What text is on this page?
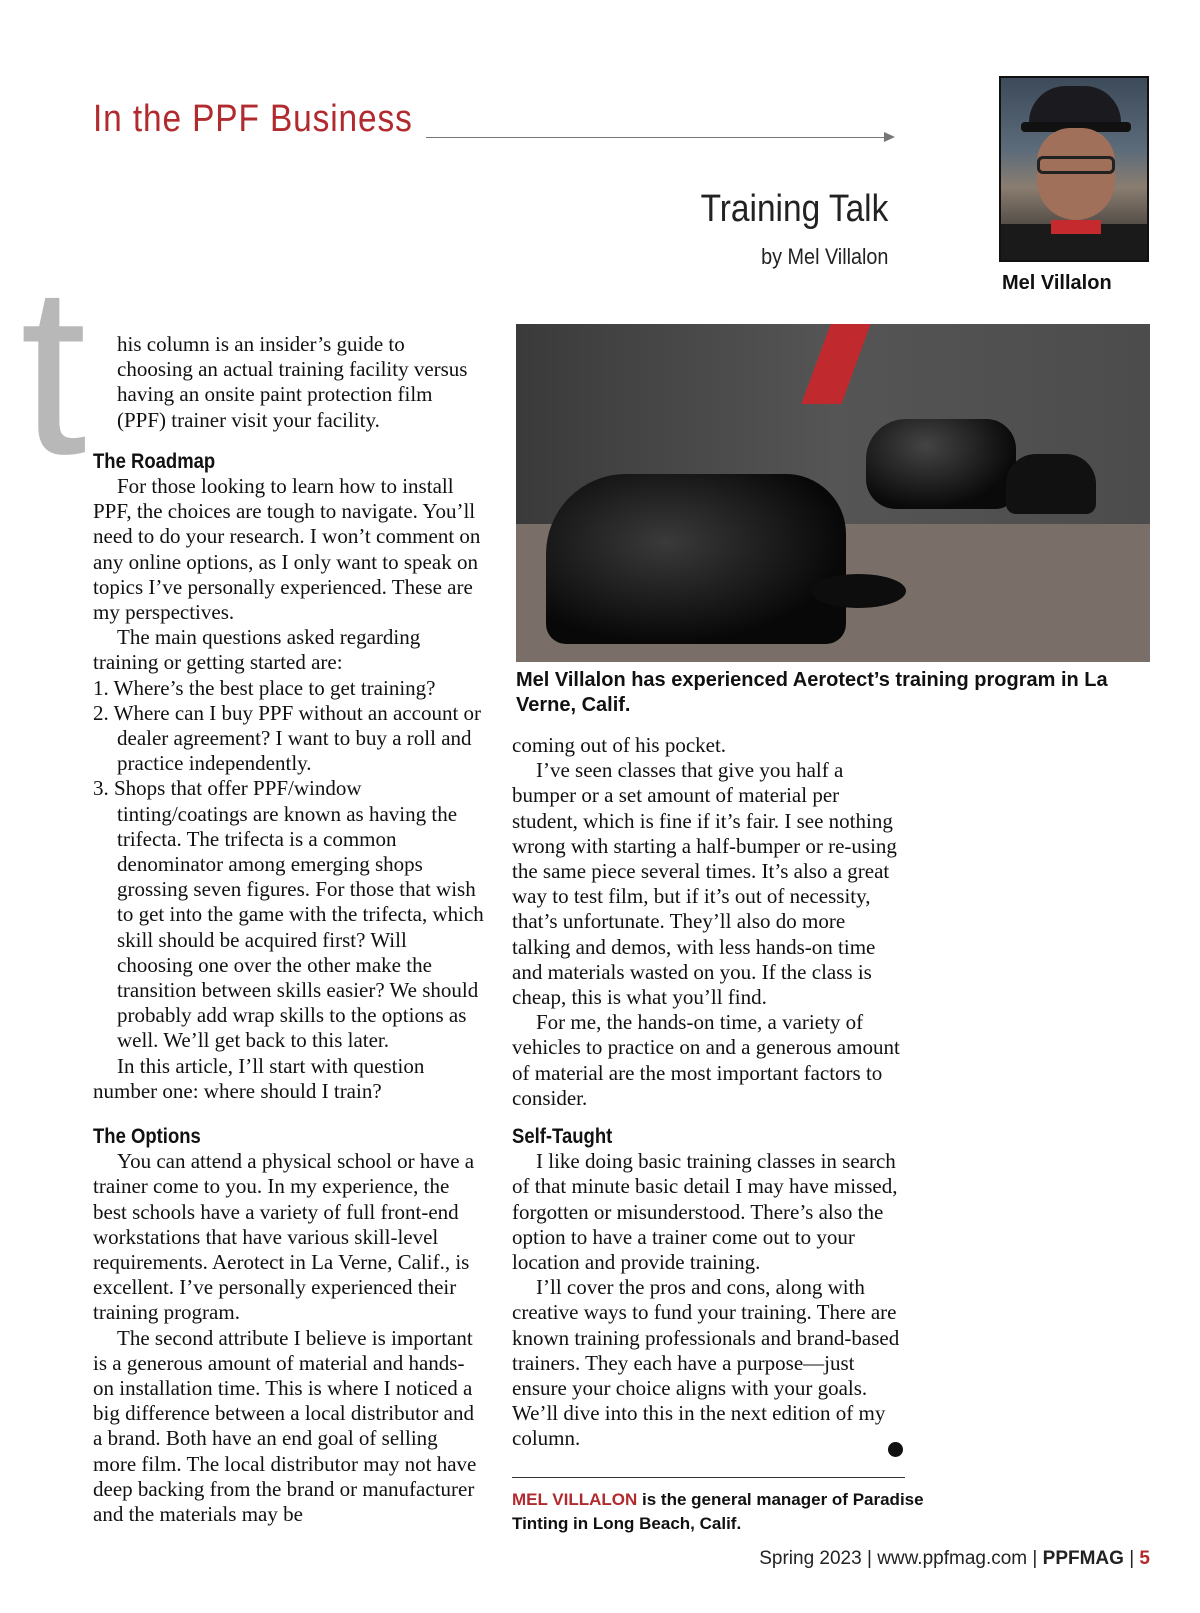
In the PPF Business
Training Talk
by Mel Villalon
Mel Villalon
t	his column is an insider’s guide to choosing an actual training facility versus having an onsite paint protection film (PPF) trainer visit your facility.

The Roadmap

For those looking to learn how to install PPF, the choices are tough to navigate. You’ll need to do your research. I won’t comment on any online options, as I only want to speak on topics I’ve personally experienced. These are my perspectives.

The main questions asked regarding training or getting started are:

1. Where’s the best place to get training?

2. Where can I buy PPF without an account or dealer agreement? I want to buy a roll and practice independently.

3. Shops that offer PPF/window tinting/coatings are known as having the trifecta. The trifecta is a common denominator among emerging shops grossing seven figures. For those that wish to get into the game with the trifecta, which skill should be acquired first? Will choosing one over the other make the transition between skills easier? We should probably add wrap skills to the options as well. We’ll get back to this later.

In this article, I’ll start with question number one: where should I train?

The Options

You can attend a physical school or have a trainer come to you. In my experience, the best schools have a variety of full front-end workstations that have various skill-level requirements. Aerotect in La Verne, Calif., is excellent. I’ve personally experienced their training program.

The second attribute I believe is important is a generous amount of material and hands-on installation time. This is where I noticed a big difference between a local distributor and a brand. Both have an end goal of selling more film. The local distributor may not have deep backing from the brand or manufacturer and the materials may be

Mel Villalon has experienced Aerotect’s training program in La Verne, Calif.

coming out of his pocket.

I’ve seen classes that give you half a bumper or a set amount of material per student, which is fine if it’s fair. I see nothing wrong with starting a half-bumper or re-using the same piece several times. It’s also a great way to test film, but if it’s out of necessity, that’s unfortunate. They’ll also do more talking and demos, with less hands-on time and materials wasted on you. If the class is cheap, this is what you’ll find.

For me, the hands-on time, a variety of vehicles to practice on and a generous amount of material are the most important factors to consider.

Self-Taught

I like doing basic training classes in search of that minute basic detail I may have missed, forgotten or misunderstood. There’s also the option to have a trainer come out to your location and provide training.

I’ll cover the pros and cons, along with creative ways to fund your training. There are known training professionals and brand-based trainers. They each have a purpose—just ensure your choice aligns with your goals. We’ll dive into this in the next edition of my column.

MEL VILLALON is the general manager of Paradise Tinting in Long Beach, Calif.
Spring 2023 | www.ppfmag.com | PPFMAG | 5
